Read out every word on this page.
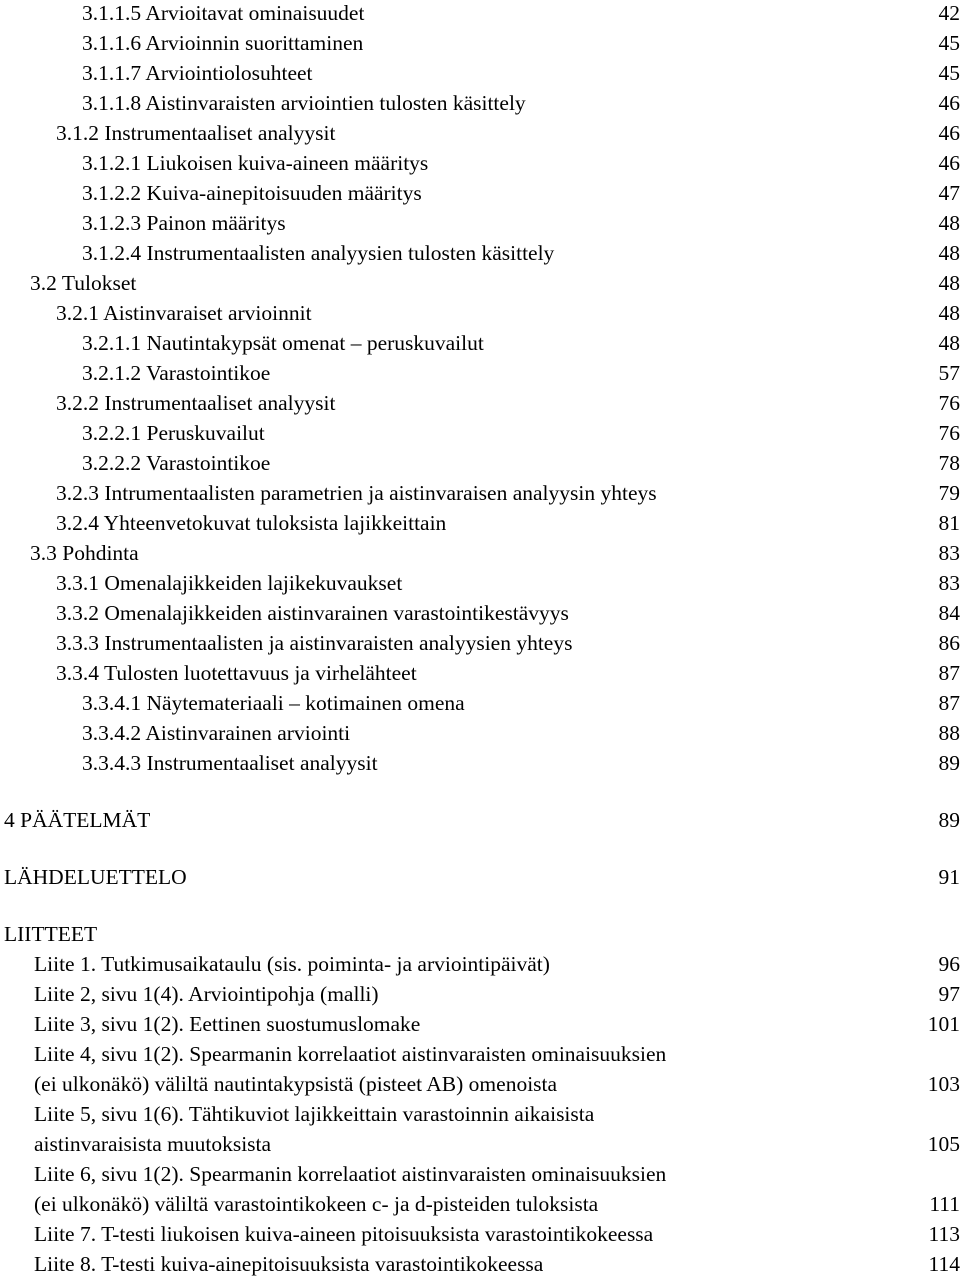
3.1.1.5 Arvioitavat ominaisuudet	42
3.1.1.6 Arvioinnin suorittaminen	45
3.1.1.7 Arviointiolosuhteet	45
3.1.1.8 Aistinvaraisten arviointien tulosten käsittely	46
3.1.2 Instrumentaaliset analyysit	46
3.1.2.1 Liukoisen kuiva-aineen määritys	46
3.1.2.2 Kuiva-ainepitoisuuden määritys	47
3.1.2.3 Painon määritys	48
3.1.2.4 Instrumentaalisten analyysien tulosten käsittely	48
3.2 Tulokset	48
3.2.1 Aistinvaraiset arvioinnit	48
3.2.1.1 Nautintakypsät omenat – peruskuvailut	48
3.2.1.2 Varastointikoe	57
3.2.2 Instrumentaaliset analyysit	76
3.2.2.1 Peruskuvailut	76
3.2.2.2 Varastointikoe	78
3.2.3 Intrumentaalisten parametrien ja aistinvaraisen analyysin yhteys	79
3.2.4 Yhteenvetokuvat tuloksista lajikkeittain	81
3.3 Pohdinta	83
3.3.1 Omenalajikkeiden lajikekuvaukset	83
3.3.2 Omenalajikkeiden aistinvarainen varastointikestävyys	84
3.3.3 Instrumentaalisten ja aistinvaraisten analyysien yhteys	86
3.3.4 Tulosten luotettavuus ja virhelähteet	87
3.3.4.1 Näytemateriaali – kotimainen omena	87
3.3.4.2 Aistinvarainen arviointi	88
3.3.4.3 Instrumentaaliset analyysit	89
4 PÄÄTELMÄT	89
LÄHDELUETTELO	91
LIITTEET
Liite 1. Tutkimusaikataulu (sis. poiminta- ja arviointipäivät)	96
Liite 2, sivu 1(4). Arviointipohja (malli)	97
Liite 3, sivu 1(2). Eettinen suostumuslomake	101
Liite 4, sivu 1(2). Spearmanin korrelaatiot aistinvaraisten ominaisuuksien
(ei ulkonäkö) väliltä nautintakypsistä (pisteet AB) omenoista	103
Liite 5, sivu 1(6). Tähtikuviot lajikkeittain varastoinnin aikaisista
aistinvaraisista muutoksista	105
Liite 6, sivu 1(2). Spearmanin korrelaatiot aistinvaraisten ominaisuuksien
(ei ulkonäkö) väliltä varastointikokeen c- ja d-pisteiden tuloksista	111
Liite 7. T-testi liukoisen kuiva-aineen pitoisuuksista varastointikokeessa	113
Liite 8. T-testi kuiva-ainepitoisuuksista varastointikokeessa	114
